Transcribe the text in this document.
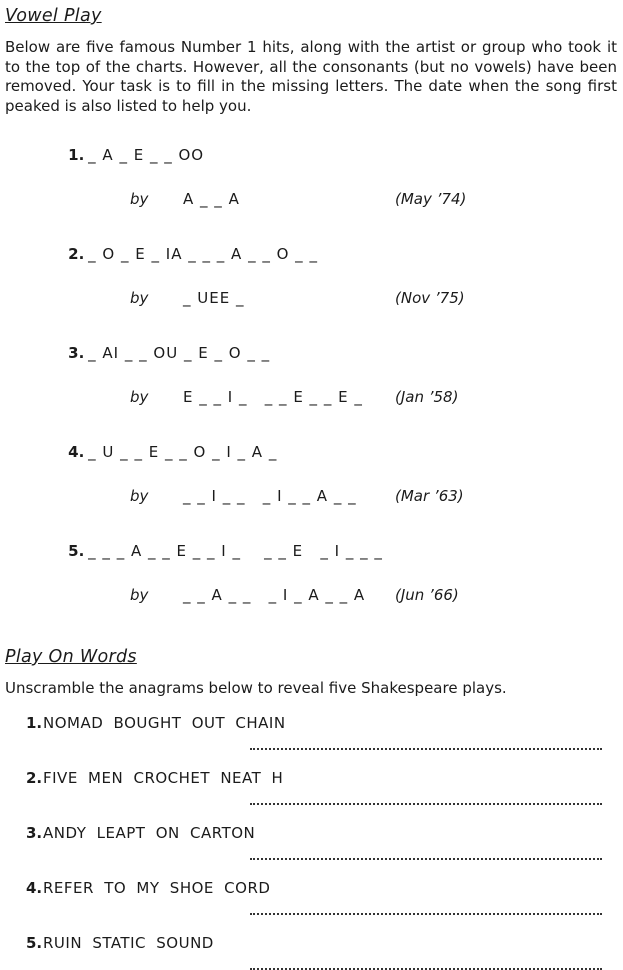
Vowel Play

Below are five famous Number 1 hits, along with the artist or group who took it to the top of the charts. However, all the consonants (but no vowels) have been removed. Your task is to fill in the missing letters. The date when the song first peaked is also listed to help you.

1. _ A _ E _ _ OO

by A _ _ A	(May ’74)

2. _ O _ E _ IA _ _ _ A _ _ O _ _

by _ UEE _	(Nov ’75)

3. _ AI _ _ OU _ E _ O _ _

by E _ _ I _   _ _ E _ _ E _ (Jan ’58)

4. _ U _ _ E _ _ O _ I _ A _

by _ _ I _ _   _ I _ _ A _ _	(Mar ’63)

5. _ _ _ A _ _ E _ _ I _    _ _ E   _ I _ _ _

by _ _ A _ _   _ I _ A _ _ A (Jun ’66)
Play On Words

Unscramble the anagrams below to reveal five Shakespeare plays.

1.NOMAD BOUGHT OUT CHAIN
2.FIVE MEN CROCHET NEAT H
3.ANDY LEAPT ON CARTON
4.REFER TO MY SHOE CORD
5.RUIN STATIC SOUND
